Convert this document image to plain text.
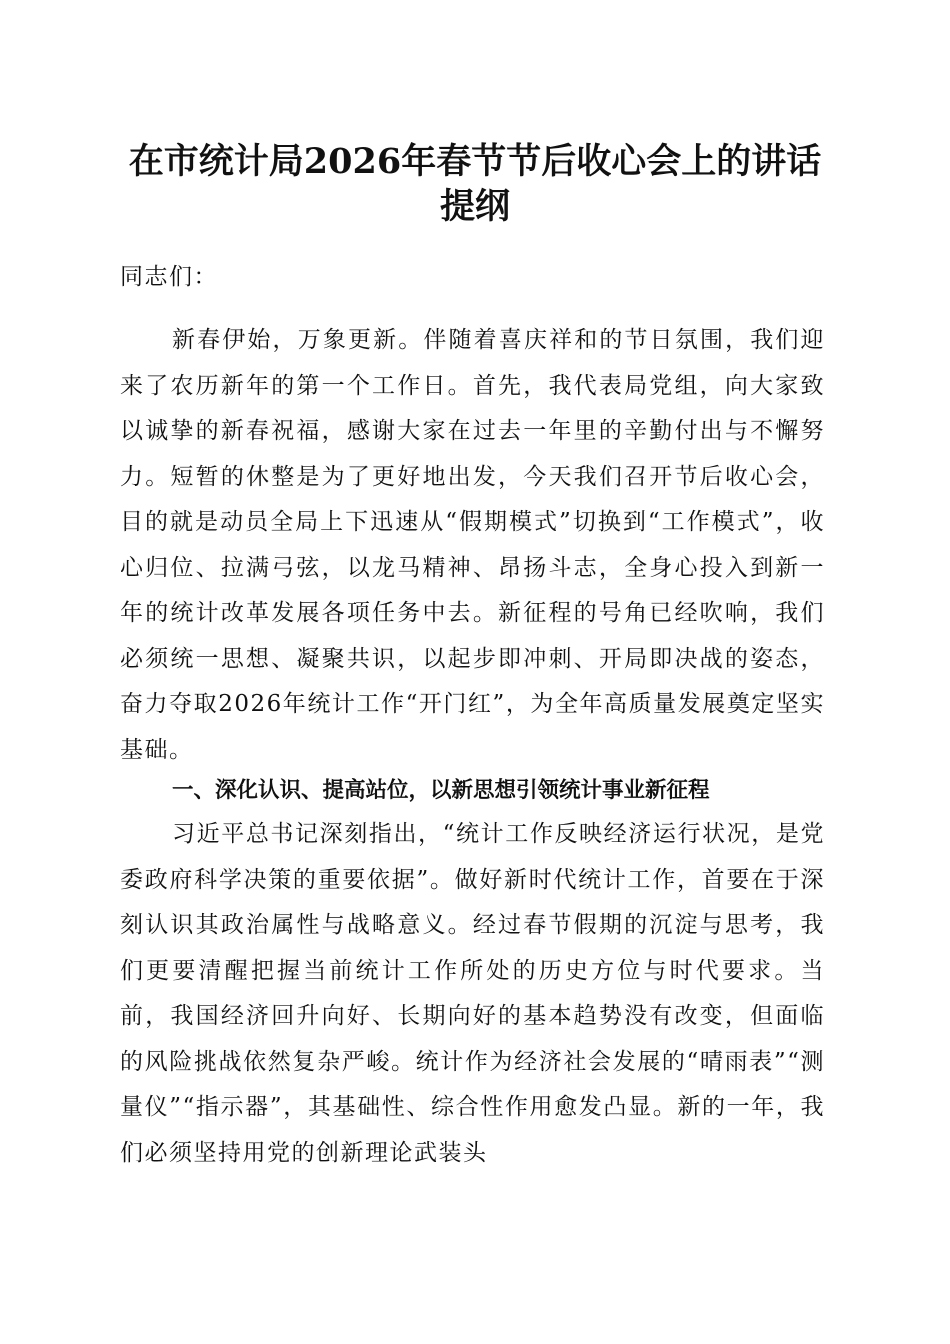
在市统计局2026年春节节后收心会上的讲话
提纲

同志们：

新春伊始，万象更新。伴随着喜庆祥和的节日氛围，我们迎来了农历新年的第一个工作日。首先，我代表局党组，向大家致以诚挚的新春祝福，感谢大家在过去一年里的辛勤付出与不懈努力。短暂的休整是为了更好地出发，今天我们召开节后收心会，目的就是动员全局上下迅速从“假期模式”切换到“工作模式”，收心归位、拉满弓弦，以龙马精神、昂扬斗志，全身心投入到新一年的统计改革发展各项任务中去。新征程的号角已经吹响，我们必须统一思想、凝聚共识，以起步即冲刺、开局即决战的姿态，奋力夺取2026年统计工作“开门红”，为全年高质量发展奠定坚实基础。

一、深化认识、提高站位，以新思想引领统计事业新征程

习近平总书记深刻指出，“统计工作反映经济运行状况，是党委政府科学决策的重要依据”。做好新时代统计工作，首要在于深刻认识其政治属性与战略意义。经过春节假期的沉淀与思考，我们更要清醒把握当前统计工作所处的历史方位与时代要求。当前，我国经济回升向好、长期向好的基本趋势没有改变，但面临的风险挑战依然复杂严峻。统计作为经济社会发展的“晴雨表”“测量仪”“指示器”，其基础性、综合性作用愈发凸显。新的一年，我们必须坚持用党的创新理论武装头
